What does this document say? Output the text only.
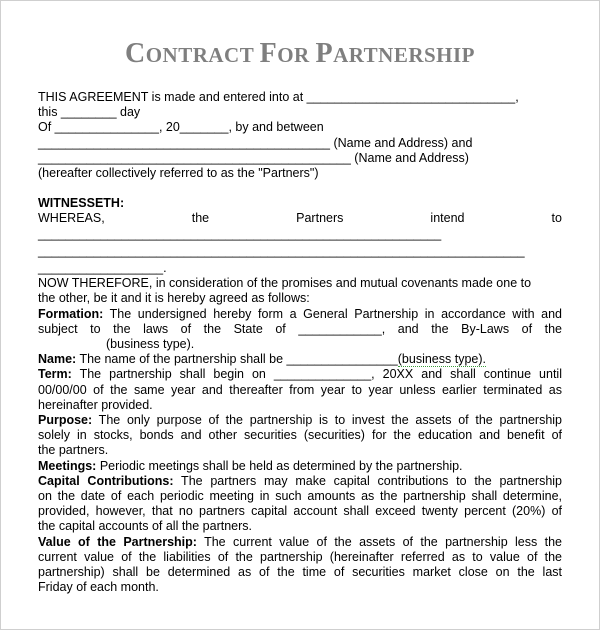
CONTRACT FOR PARTNERSHIP
THIS AGREEMENT is made and entered into at ______________________________,
this ________ day
Of _______________, 20_______, by and between
__________________________________________ (Name and Address) and
_____________________________________________ (Name and Address)
(hereafter collectively referred to as the "Partners")
WITNESSETH:
WHEREAS,	the	Partners	intend	to
__________________________________________________________
______________________________________________________________________
__________________.
NOW THEREFORE, in consideration of the promises and mutual covenants made one to
the other, be it and it is hereby agreed as follows:
Formation: The undersigned hereby form a General Partnership in accordance with and
subject to the laws of the State of ____________, and the By-Laws of the
(business type).
Name: The name of the partnership shall be ________________(business type).
Term: The partnership shall begin on ______________, 20XX and shall continue until
00/00/00 of the same year and thereafter from year to year unless earlier terminated as
hereinafter provided.
Purpose: The only purpose of the partnership is to invest the assets of the partnership
solely in stocks, bonds and other securities (securities) for the education and benefit of
the partners.
Meetings: Periodic meetings shall be held as determined by the partnership.
Capital Contributions: The partners may make capital contributions to the partnership
on the date of each periodic meeting in such amounts as the partnership shall determine,
provided, however, that no partners capital account shall exceed twenty percent (20%) of
the capital accounts of all the partners.
Value of the Partnership: The current value of the assets of the partnership less the
current value of the liabilities of the partnership (hereinafter referred as to value of the
partnership) shall be determined as of the time of securities market close on the last
Friday of each month.
